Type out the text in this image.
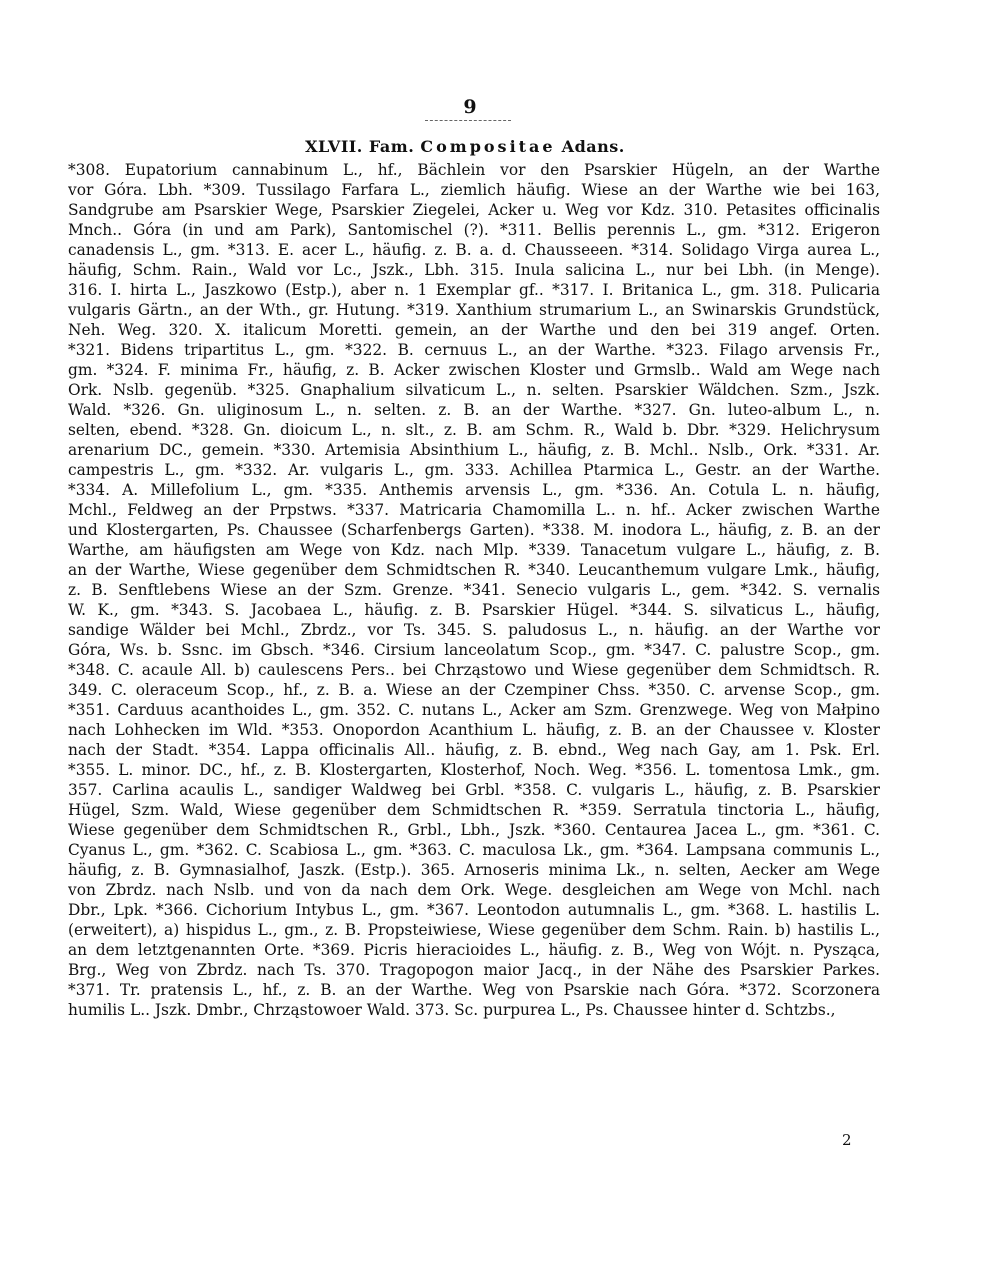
9
XLVII. Fam. Compositae Adans.
*308. Eupatorium cannabinum L., hf., Bächlein vor den Psarskier Hügeln, an der Warthe
vor Góra. Lbh. *309. Tussilago Farfara L., ziemlich häufig. Wiese an der Warthe wie bei 163,
Sandgrube am Psarskier Wege, Psarskier Ziegelei, Acker u. Weg vor Kdz. 310. Petasites officinalis
Mnch.. Góra (in und am Park), Santomischel (?). *311. Bellis perennis L., gm. *312. Erigeron
canadensis L., gm. *313. E. acer L., häufig. z. B. a. d. Chausseeen. *314. Solidago Virga aurea L.,
häufig, Schm. Rain., Wald vor Lc., Jszk., Lbh. 315. Inula salicina L., nur bei Lbh. (in Menge).
316. I. hirta L., Jaszkowo (Estp.), aber n. 1 Exemplar gf.. *317. I. Britanica L., gm. 318. Pulicaria
vulgaris Gärtn., an der Wth., gr. Hutung. *319. Xanthium strumarium L., an Swinarskis Grundstück,
Neh. Weg. 320. X. italicum Moretti. gemein, an der Warthe und den bei 319 angef. Orten.
*321. Bidens tripartitus L., gm. *322. B. cernuus L., an der Warthe. *323. Filago arvensis Fr.,
gm. *324. F. minima Fr., häufig, z. B. Acker zwischen Kloster und Grmslb.. Wald am Wege nach
Ork. Nslb. gegenüb. *325. Gnaphalium silvaticum L., n. selten. Psarskier Wäldchen. Szm., Jszk.
Wald. *326. Gn. uliginosum L., n. selten. z. B. an der Warthe. *327. Gn. luteo-album L., n.
selten, ebend. *328. Gn. dioicum L., n. slt., z. B. am Schm. R., Wald b. Dbr. *329. Helichrysum
arenarium DC., gemein. *330. Artemisia Absinthium L., häufig, z. B. Mchl.. Nslb., Ork. *331. Ar.
campestris L., gm. *332. Ar. vulgaris L., gm. 333. Achillea Ptarmica L., Gestr. an der Warthe.
*334. A. Millefolium L., gm. *335. Anthemis arvensis L., gm. *336. An. Cotula L. n. häufig,
Mchl., Feldweg an der Prpstws. *337. Matricaria Chamomilla L.. n. hf.. Acker zwischen Warthe
und Klostergarten, Ps. Chaussee (Scharfenbergs Garten). *338. M. inodora L., häufig, z. B. an der
Warthe, am häufigsten am Wege von Kdz. nach Mlp. *339. Tanacetum vulgare L., häufig, z. B.
an der Warthe, Wiese gegenüber dem Schmidtschen R. *340. Leucanthemum vulgare Lmk., häufig,
z. B. Senftlebens Wiese an der Szm. Grenze. *341. Senecio vulgaris L., gem. *342. S. vernalis
W. K., gm. *343. S. Jacobaea L., häufig. z. B. Psarskier Hügel. *344. S. silvaticus L., häufig,
sandige Wälder bei Mchl., Zbrdz., vor Ts. 345. S. paludosus L., n. häufig. an der Warthe vor
Góra, Ws. b. Ssnc. im Gbsch. *346. Cirsium lanceolatum Scop., gm. *347. C. palustre Scop., gm.
*348. C. acaule All. b) caulescens Pers.. bei Chrząstowo und Wiese gegenüber dem Schmidtsch. R.
349. C. oleraceum Scop., hf., z. B. a. Wiese an der Czempiner Chss. *350. C. arvense Scop., gm.
*351. Carduus acanthoides L., gm. 352. C. nutans L., Acker am Szm. Grenzwege. Weg von Małpino
nach Lohhecken im Wld. *353. Onopordon Acanthium L. häufig, z. B. an der Chaussee v. Kloster
nach der Stadt. *354. Lappa officinalis All.. häufig, z. B. ebnd., Weg nach Gay, am 1. Psk. Erl.
*355. L. minor. DC., hf., z. B. Klostergarten, Klosterhof, Noch. Weg. *356. L. tomentosa Lmk., gm.
357. Carlina acaulis L., sandiger Waldweg bei Grbl. *358. C. vulgaris L., häufig, z. B. Psarskier
Hügel, Szm. Wald, Wiese gegenüber dem Schmidtschen R. *359. Serratula tinctoria L., häufig,
Wiese gegenüber dem Schmidtschen R., Grbl., Lbh., Jszk. *360. Centaurea Jacea L., gm. *361. C.
Cyanus L., gm. *362. C. Scabiosa L., gm. *363. C. maculosa Lk., gm. *364. Lampsana communis L.,
häufig, z. B. Gymnasialhof, Jaszk. (Estp.). 365. Arnoseris minima Lk., n. selten, Aecker am Wege
von Zbrdz. nach Nslb. und von da nach dem Ork. Wege. desgleichen am Wege von Mchl. nach
Dbr., Lpk. *366. Cichorium Intybus L., gm. *367. Leontodon autumnalis L., gm. *368. L. hastilis L.
(erweitert), a) hispidus L., gm., z. B. Propsteiwiese, Wiese gegenüber dem Schm. Rain. b) hastilis L.,
an dem letztgenannten Orte. *369. Picris hieracioides L., häufig. z. B., Weg von Wójt. n. Pysząca,
Brg., Weg von Zbrdz. nach Ts. 370. Tragopogon maior Jacq., in der Nähe des Psarskier Parkes.
*371. Tr. pratensis L., hf., z. B. an der Warthe. Weg von Psarskie nach Góra. *372. Scorzonera
humilis L.. Jszk. Dmbr., Chrząstowoer Wald. 373. Sc. purpurea L., Ps. Chaussee hinter d. Schtzbs.,
2
